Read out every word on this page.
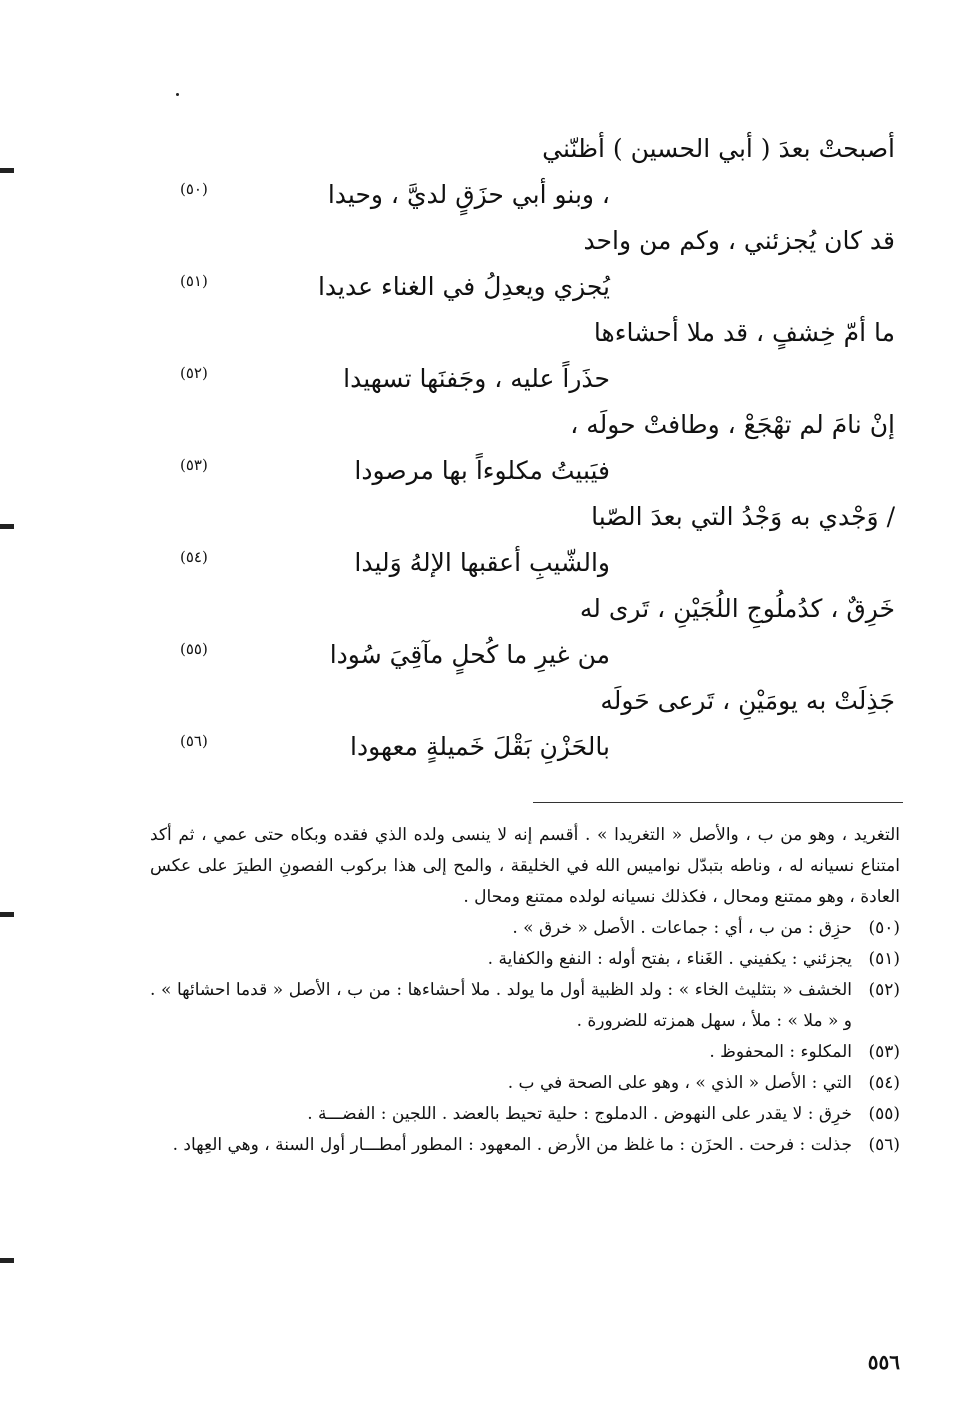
أصبحتْ بعدَ ( أبي الحسين ) أظنّني
، وبنو أبي حزَقٍ لديَّ ، وحيدا
(٥٠)
قد كان يُجزئني ، وكم من واحد
يُجزي ويعدِلُ في الغناء عديدا
(٥١)
ما أمّ خِشفٍ ، قد ملا أحشاءها
حذَراً عليه ، وجَفنَها تسهيدا
(٥٢)
إنْ نامَ لم تهْجَعْ ، وطافتْ حولَه ،
فيَبيتُ مكلوءاً بها مرصودا
(٥٣)
/ وَجْدي به وَجْدُ التي بعدَ الصّبا
والشّيبِ أعقبها الإلهُ وَليدا
(٥٤)
خَرِقٌ ، كدُملُوجِ اللُجَيْنِ ، تَرى له
من غيرِ ما كُحلٍ مآقِيَ سُودا
(٥٥)
جَذِلَتْ به يومَيْنِ ، تَرعى حَولَه
بالحَزْنِ بَقْلَ خَميلةٍ معهودا
(٥٦)
التغريد ، وهو من ب ، والأصل « التغريدا » . أقسم إنه لا ينسى ولده الذي فقده وبكاه حتى عمي ، ثم أكد امتناع نسيانه له ، وناطه بتبدّل نواميس الله في الخليقة ، والمح إلى هذا بركوب الفصونِ الطيرَ على عكس العادة ، وهو ممتنع ومحال ، فكذلك نسيانه لولده ممتنع ومحال .
(٥٠)
حزِق : من ب ، أي : جماعات . الأصل « خرق » .
(٥١)
يجزئني : يكفيني . الغَناء ، بفتح أوله : النفع والكفاية .
(٥٢)
الخشف « بتثليث الخاء » : ولد الظبية أول ما يولد . ملا أحشاءها : من ب ، الأصل « قدما احشائها » . و « ملا » : ملأ ، سهل همزته للضرورة .
(٥٣)
المكلوء : المحفوظ .
(٥٤)
التي : الأصل « الذي » ، وهو على الصحة في ب .
(٥٥)
خرِق : لا يقدر على النهوض . الدملوج : حلية تحيط بالعضد . اللجين : الفضـــة .
(٥٦)
جذلت : فرحت . الحزَن : ما غلظ من الأرض . المعهود : المطور أمطـــار أول السنة ، وهي العِهاد .
٥٥٦
